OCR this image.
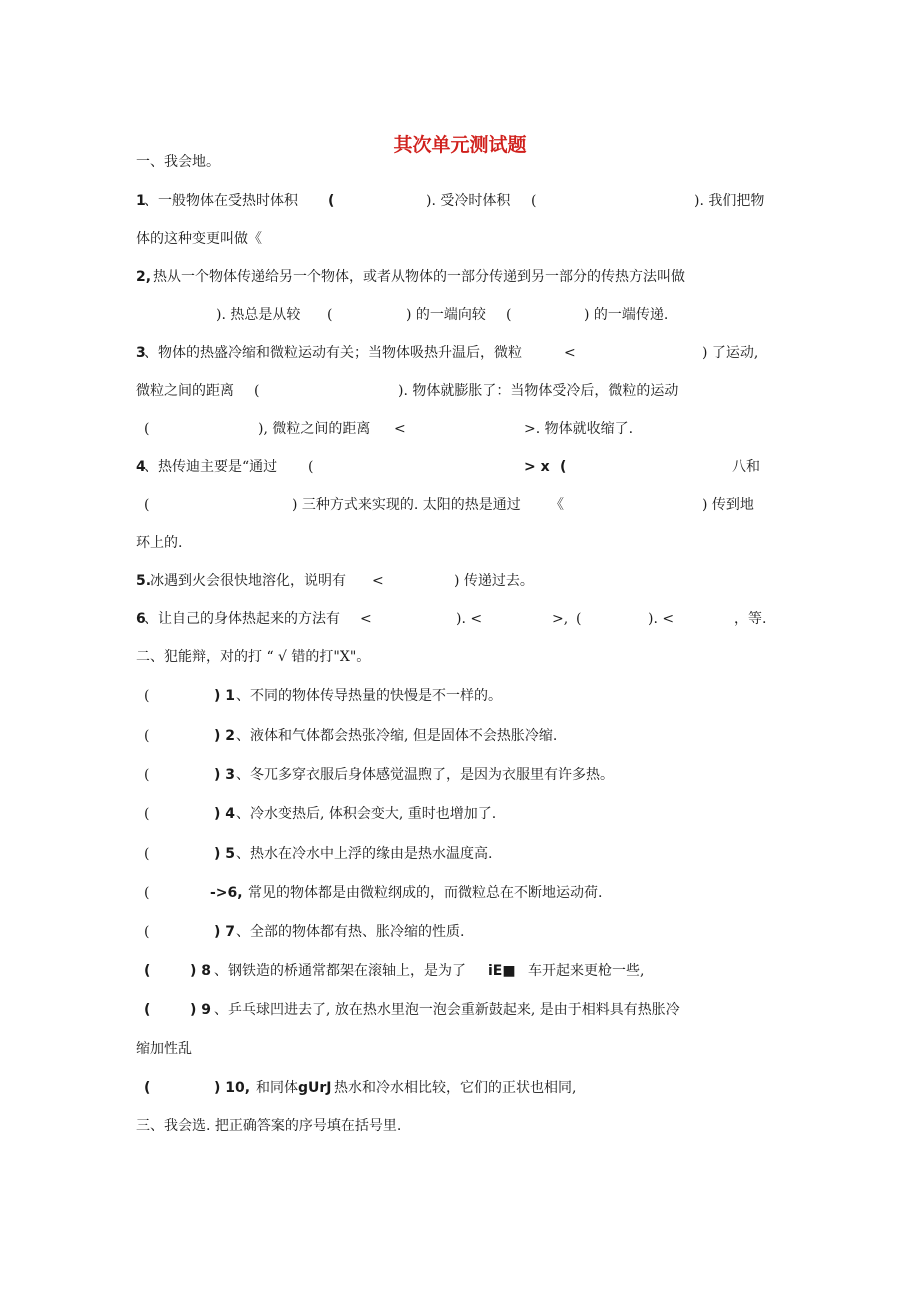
其次单元测试题
一、我会地。
1
、一般物体在受热时体积 (	). 受冷时体积 (	). 我们把物
体的这种变更叫做《
2, 热从一个物体传递给另一个物体，或者从物体的一部分传递到另一部分的传热方法叫做
). 热总是从较 (	) 的一端向较 (	) 的一端传递.
3
、物体的热盛冷缩和微粒运动有关；当物体吸热升温后，微粒	<	) 了运动,
微粒之间的距离 (	). 物体就膨胀了：当物体受冷后，微粒的运动
(	), 微粒之间的距离 <	>. 物体就收缩了.
4
、热传迪主要是“通过 (	> x (	八和
(	) 三种方式来实现的. 太阳的热是通过 《	) 传到地
环上的.
5.
冰遇到火会很快地溶化，说明有 <	) 传递过去。
6
、让自己的身体热起来的方法有 <	). <	>, (	). <	，等.
二、犯能辩，对的打 “ √ 错的打"X"。
(	) 1 、不同的物体传导热量的快慢是不一样的。
(	) 2 、液体和气体都会热张冷缩, 但是固体不会热胀冷缩.
(	) 3 、冬兀多穿衣服后身体感觉温煦了，是因为衣服里有许多热。
(	) 4 、冷水变热后, 体积会变大, 重时也增加了.
(	) 5 、热水在冷水中上浮的缘由是热水温度高.
(	->6, 常见的物体都是由微粒纲成的，而微粒总在不断地运动荷.
(	) 7 、全部的物体都有热、胀冷缩的性质.
(	) 8 、钢铁造的桥通常都架在滚轴上，是为了 iE■ 车开起来更枪一些,
(	) 9 、乒乓球凹进去了, 放在热水里泡一泡会重新鼓起来, 是由于相料具有热胀冷
缩加性乱
(	) 10, 和同体 gUrJ 热水和冷水相比较，它们的正状也相同,
三、我会选. 把正确答案的序号填在括号里.
